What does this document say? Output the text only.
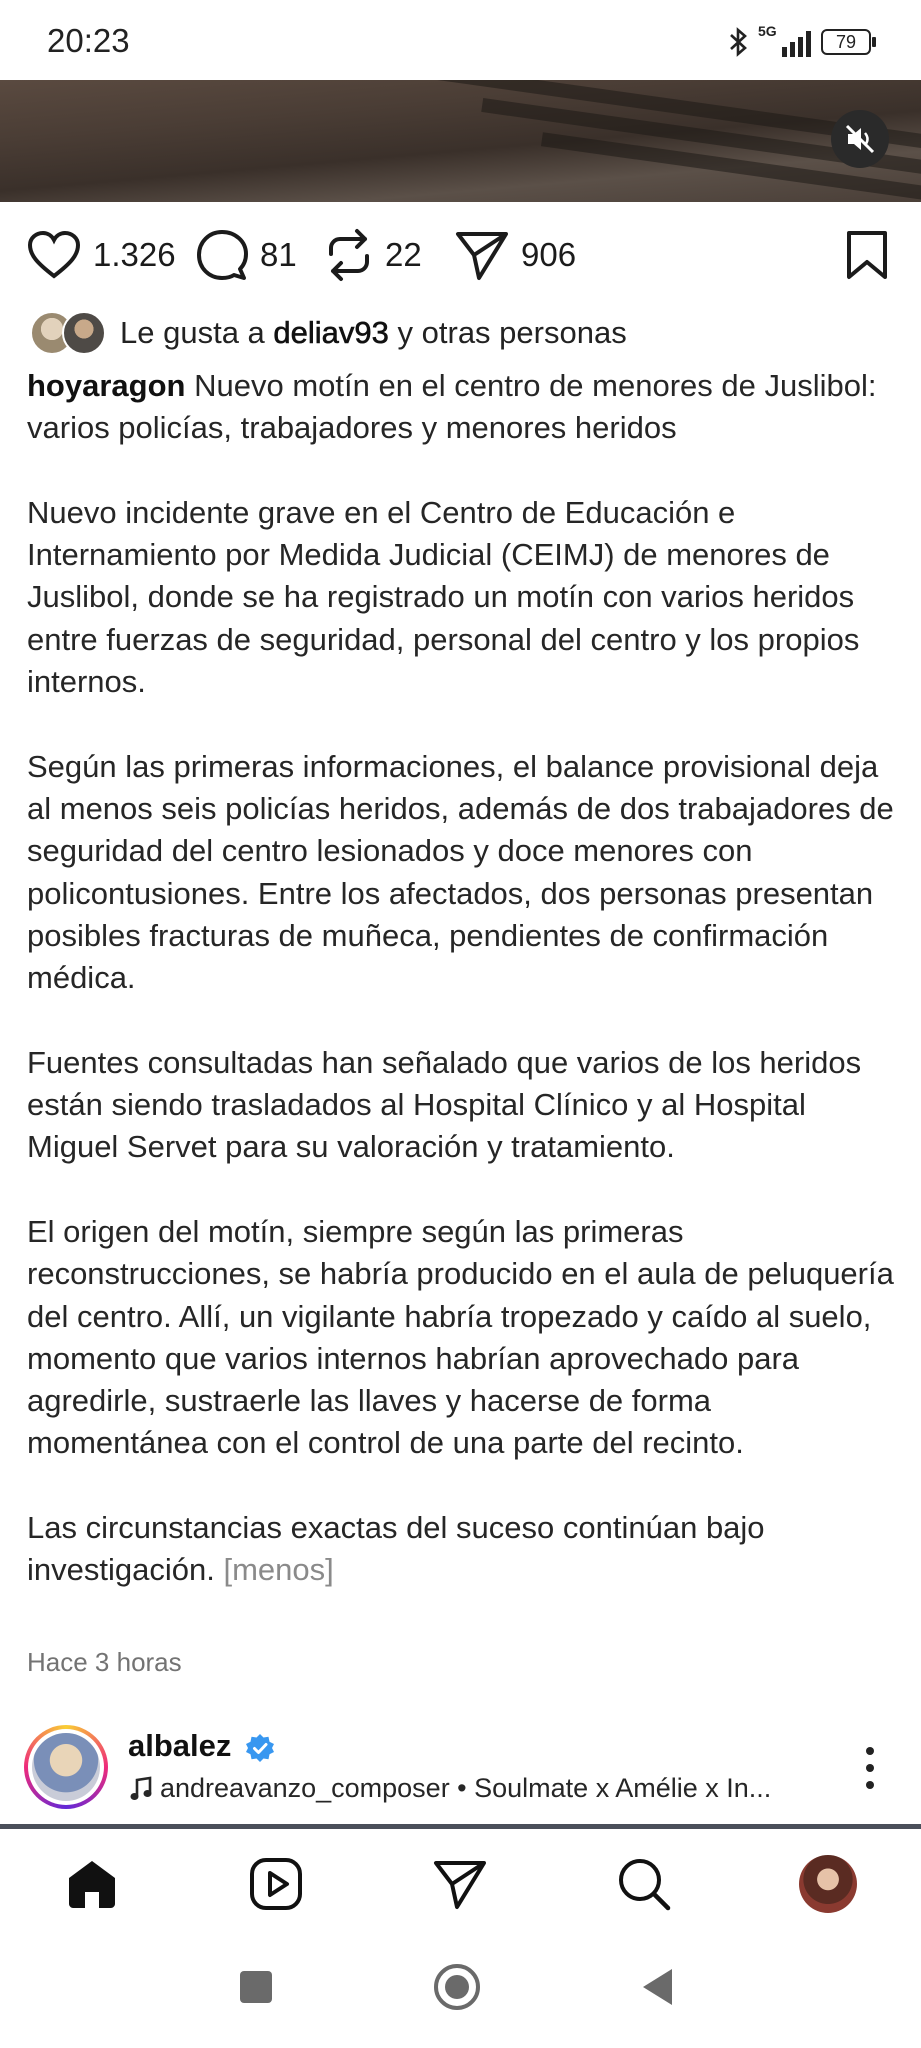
20:23	5G
79
1.326	81	22	906
Le gusta a deliav93 y otras personas

hoyaragon Nuevo motín en el centro de menores de Juslibol: varios policías, trabajadores y menores heridos

Nuevo incidente grave en el Centro de Educación e Internamiento por Medida Judicial (CEIMJ) de menores de Juslibol, donde se ha registrado un motín con varios heridos entre fuerzas de seguridad, personal del centro y los propios internos.

Según las primeras informaciones, el balance provisional deja al menos seis policías heridos, además de dos trabajadores de seguridad del centro lesionados y doce menores con policontusiones. Entre los afectados, dos personas presentan posibles fracturas de muñeca, pendientes de confirmación médica.

Fuentes consultadas han señalado que varios de los heridos están siendo trasladados al Hospital Clínico y al Hospital Miguel Servet para su valoración y tratamiento.

El origen del motín, siempre según las primeras reconstrucciones, se habría producido en el aula de peluquería del centro. Allí, un vigilante habría tropezado y caído al suelo, momento que varios internos habrían aprovechado para agredirle, sustraerle las llaves y hacerse de forma momentánea con el control de una parte del recinto.

Las circunstancias exactas del suceso continúan bajo investigación. [menos]

Hace 3 horas
albalez
andreavanzo_composer • Soulmate x Amélie x In...
